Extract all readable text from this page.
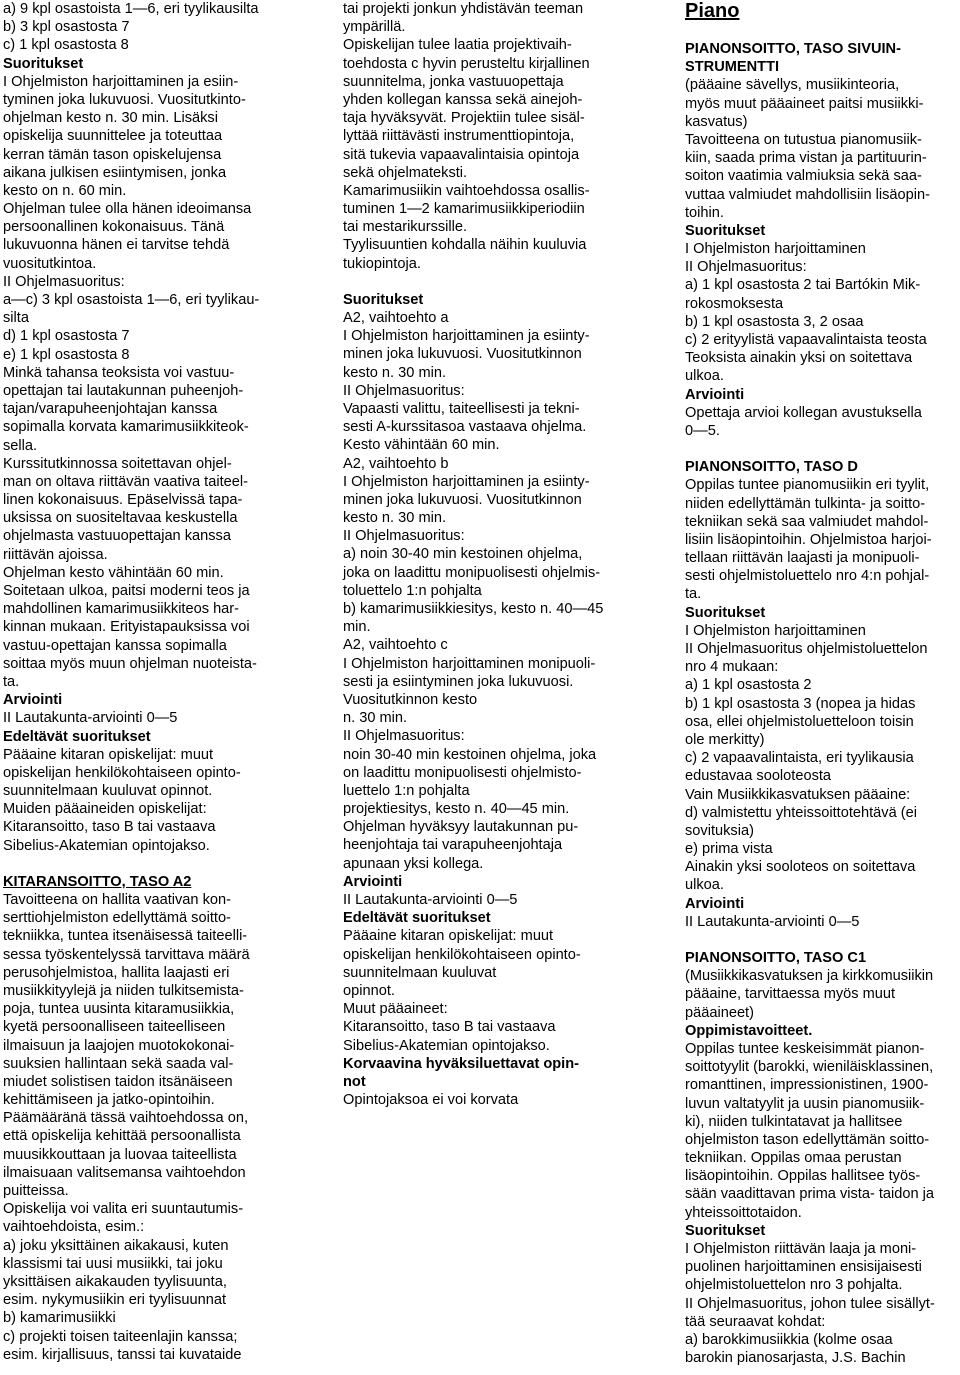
a) 9 kpl osastoista 1—6, eri tyylikausilta
b) 3 kpl osastosta 7
c) 1 kpl osastosta 8
Suoritukset
I Ohjelmiston harjoittaminen ja esiin-
tyminen joka lukuvuosi. Vuositutkinto-
ohjelman kesto n. 30 min. Lisäksi
opiskelija suunnittelee ja toteuttaa
kerran tämän tason opiskelujensa
aikana julkisen esiintymisen, jonka
kesto on n. 60 min.
Ohjelman tulee olla hänen ideoimansa
persoonallinen kokonaisuus. Tänä
lukuvuonna hänen ei tarvitse tehdä
vuositutkintoa.
II Ohjelmasuoritus:
a—c) 3 kpl osastoista 1—6, eri tyylikau-
silta
d) 1 kpl osastosta 7
e) 1 kpl osastosta 8
Minkä tahansa teoksista voi vastuu-
opettajan tai lautakunnan puheenjoh-
tajan/varapuheenjohtajan kanssa
sopimalla korvata kamarimusiikkiteok-
sella.
Kurssitutkinnossa soitettavan ohjel-
man on oltava riittävän vaativa taiteel-
linen kokonaisuus. Epäselvissä tapa-
uksissa on suositeltavaa keskustella
ohjelmasta vastuuopettajan kanssa
riittävän ajoissa.
Ohjelman kesto vähintään 60 min.
Soitetaan ulkoa, paitsi moderni teos ja
mahdollinen kamarimusiikkiteos har-
kinnan mukaan. Erityistapauksissa voi
vastuu-opettajan kanssa sopimalla
soittaa myös muun ohjelman nuoteista-
ta.
Arviointi
II Lautakunta-arviointi 0—5
Edeltävät suoritukset
Pääaine kitaran opiskelijat: muut
opiskelijan henkilökohtaiseen opinto-
suunnitelmaan kuuluvat opinnot.
Muiden pääaineiden opiskelijat:
Kitaransoitto, taso B tai vastaava
Sibelius-Akatemian opintojakso.
KITARANSOITTO, TASO A2
Tavoitteena on hallita vaativan kon-
serttiohjelmiston edellyttämä soitto-
tekniikka, tuntea itsenäisessä taiteelli-
sessa työskentelyssä tarvittava määrä
perusohjelmistoa, hallita laajasti eri
musiikkityylejä ja niiden tulkitsemista-
poja, tuntea uusinta kitaramusiikkia,
kyetä persoonalliseen taiteelliseen
ilmaisuun ja laajojen muotokokonai-
suuksien hallintaan sekä saada val-
miudet solistisen taidon itsänäiseen
kehittämiseen ja jatko-opintoihin.
Päämääränä tässä vaihtoehdossa on,
että opiskelija kehittää persoonallista
muusikkouttaan ja luovaa taiteellista
ilmaisuaan valitsemansa vaihtoehdon
puitteissa.
Opiskelija voi valita eri suuntautumis-
vaihtoehdoista, esim.:
a) joku yksittäinen aikakausi, kuten
klassismi tai uusi musiikki, tai joku
yksittäisen aikakauden tyylisuunta,
esim. nykymusiikin eri tyylisuunnat
b) kamarimusiikki
c) projekti toisen taiteenlajin kanssa;
esim. kirjallisuus, tanssi tai kuvataide
tai projekti jonkun yhdistävän teeman
ympärillä.
Opiskelijan tulee laatia projektivaih-
toehdosta c hyvin perusteltu kirjallinen
suunnitelma, jonka vastuuopettaja
yhden kollegan kanssa sekä ainejoh-
taja hyväksyvät. Projektiin tulee sisäl-
lyttää riittävästi instrumenttiopintoja,
sitä tukevia vapaavalintaisia opintoja
sekä ohjelmateksti.
Kamarimusiikin vaihtoehdossa osallis-
tuminen 1—2 kamarimusiikkiperiodiin
tai mestarikurssille.
Tyylisuuntien kohdalla näihin kuuluvia
tukiopintoja.
Suoritukset
A2, vaihtoehto a
I Ohjelmiston harjoittaminen ja esiinty-
minen joka lukuvuosi. Vuositutkinnon
kesto n. 30 min.
II Ohjelmasuoritus:
Vapaasti valittu, taiteellisesti ja tekni-
sesti A-kurssitasoa vastaava ohjelma.
Kesto vähintään 60 min.
A2, vaihtoehto b
I Ohjelmiston harjoittaminen ja esiinty-
minen joka lukuvuosi. Vuositutkinnon
kesto n. 30 min.
II Ohjelmasuoritus:
a) noin 30-40 min kestoinen ohjelma,
joka on laadittu monipuolisesti ohjelmis-
toluettelo 1:n pohjalta
b) kamarimusiikkiesitys, kesto n. 40—45
min.
A2, vaihtoehto c
I Ohjelmiston harjoittaminen monipuoli-
sesti ja esiintyminen joka lukuvuosi.
Vuositutkinnon kesto
n. 30 min.
II Ohjelmasuoritus:
noin 30-40 min kestoinen ohjelma, joka
on laadittu monipuolisesti ohjelmisto-
luettelo 1:n pohjalta
projektiesitys, kesto n. 40—45 min.
Ohjelman hyväksyy lautakunnan pu-
heenjohtaja tai varapuheenjohtaja
apunaan yksi kollega.
Arviointi
II Lautakunta-arviointi 0—5
Edeltävät suoritukset
Pääaine kitaran opiskelijat: muut
opiskelijan henkilökohtaiseen opinto-
suunnitelmaan kuuluvat
opinnot.
Muut pääaineet:
Kitaransoitto, taso B tai vastaava
Sibelius-Akatemian opintojakso.
Korvaavina hyväksiluettavat opin-
not
Opintojaksoa ei voi korvata
Piano
PIANONSOITTO, TASO SIVUIN-
STRUMENTTI
(pääaine sävellys, musiikinteoria,
myös muut pääaineet paitsi musiikki-
kasvatus)
Tavoitteena on tutustua pianomusiik-
kiin, saada prima vistan ja partituurin-
soiton vaatimia valmiuksia sekä saa-
vuttaa valmiudet mahdollisiin lisäopin-
toihin.
Suoritukset
I Ohjelmiston harjoittaminen
II Ohjelmasuoritus:
a) 1 kpl osastosta 2 tai Bartókin Mik-
rokosmoksesta
b) 1 kpl osastosta 3, 2 osaa
c) 2 erityylistä vapaavalintaista teosta
Teoksista ainakin yksi on soitettava
ulkoa.
Arviointi
Opettaja arvioi kollegan avustuksella
0—5.
PIANONSOITTO, TASO D
Oppilas tuntee pianomusiikin eri tyylit,
niiden edellyttämän tulkinta- ja soitto-
tekniikan sekä saa valmiudet mahdol-
lisiin lisäopintoihin. Ohjelmistoa harjoi-
tellaan riittävän laajasti ja monipuoli-
sesti ohjelmistoluettelo nro 4:n pohjal-
ta.
Suoritukset
I Ohjelmiston harjoittaminen
II Ohjelmasuoritus ohjelmistoluettelon
nro 4 mukaan:
a) 1 kpl osastosta 2
b) 1 kpl osastosta 3 (nopea ja hidas
osa, ellei ohjelmistoluetteloon toisin
ole merkitty)
c) 2 vapaavalintaista, eri tyylikausia
edustavaa sooloteosta
Vain Musiikkikasvatuksen pääaine:
d) valmistettu yhteissoittotehtävä (ei
sovituksia)
e) prima vista
Ainakin yksi sooloteos on soitettava
ulkoa.
Arviointi
II Lautakunta-arviointi 0—5
PIANONSOITTO, TASO C1
(Musiikkikasvatuksen ja kirkkomusiikin
pääaine, tarvittaessa myös muut
pääaineet)
Oppimistavoitteet.
Oppilas tuntee keskeisimmät pianon-
soittotyylit (barokki, wieniläisklassinen,
romanttinen, impressionistinen, 1900-
luvun valtatyylit ja uusin pianomusiik-
ki), niiden tulkintatavat ja hallitsee
ohjelmiston tason edellyttämän soitto-
tekniikan. Oppilas omaa perustan
lisäopintoihin. Oppilas hallitsee työs-
sään vaadittavan prima vista- taidon ja
yhteissoittotaidon.
Suoritukset
I Ohjelmiston riittävän laaja ja moni-
puolinen harjoittaminen ensisijaisesti
ohjelmistoluettelon nro 3 pohjalta.
II Ohjelmasuoritus, johon tulee sisällyt-
tää seuraavat kohdat:
a) barokkimusiikkia (kolme osaa
barokin pianosarjasta, J.S. Bachin
